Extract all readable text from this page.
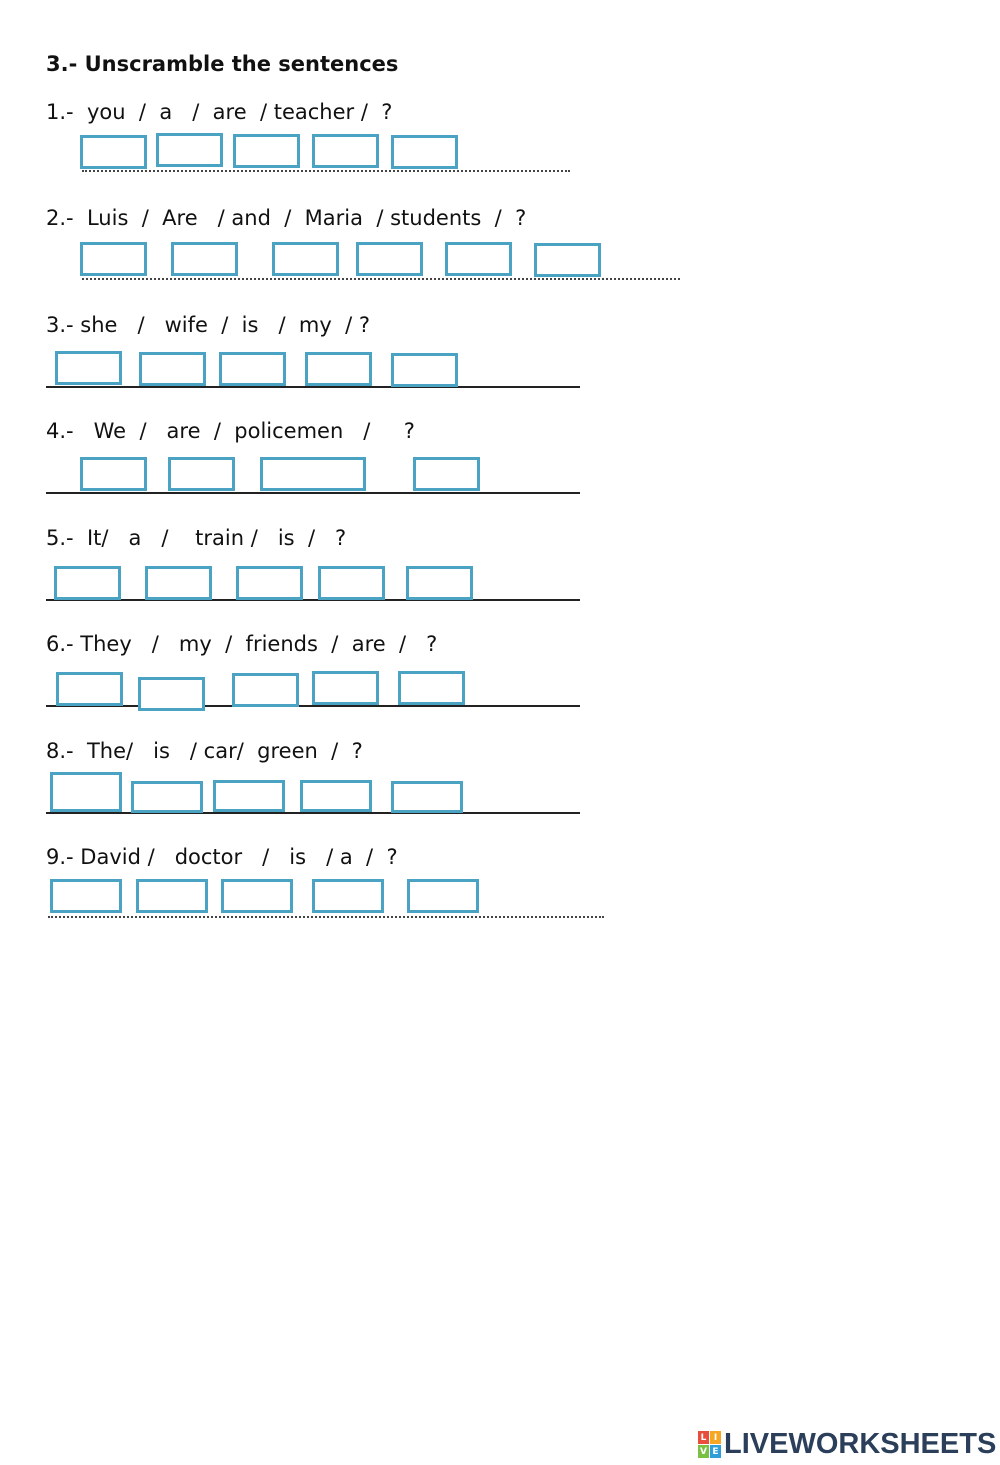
3.- Unscramble the sentences
1.-  you  /  a   /  are  / teacher /  ?
2.-  Luis  /  Are   / and  /  Maria  / students  /  ?
3.- she   /   wife  /  is   /  my  / ?
4.-   We  /   are  /  policemen   /     ?
5.-  It/   a   /    train /   is  /   ?
6.- They   /   my  /  friends  /  are  /   ?
8.-  The/   is   / car/  green  /  ?
9.- David /   doctor   /   is   / a  /  ?
L I
V E LIVEWORKSHEETS
